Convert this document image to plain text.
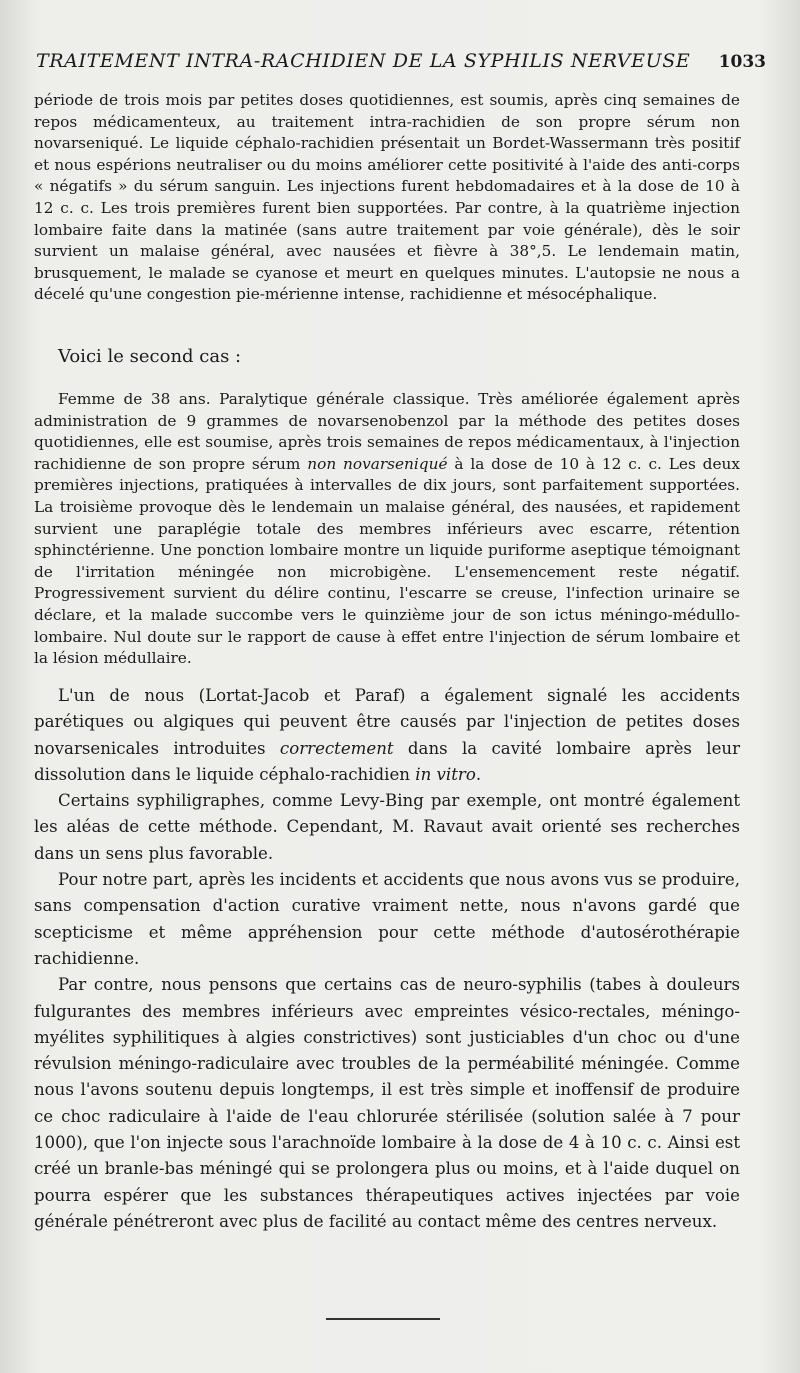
TRAITEMENT INTRA-RACHIDIEN DE LA SYPHILIS NERVEUSE 1033

période de trois mois par petites doses quotidiennes, est soumis, après cinq semaines de repos médicamenteux, au traitement intra-rachidien de son propre sérum non novarseniqué. Le liquide céphalo-rachidien présentait un Bordet-Wassermann très positif et nous espérions neutraliser ou du moins améliorer cette positivité à l'aide des anti-corps « négatifs » du sérum sanguin. Les injections furent hebdomadaires et à la dose de 10 à 12 c. c. Les trois premières furent bien supportées. Par contre, à la quatrième injection lombaire faite dans la matinée (sans autre traitement par voie générale), dès le soir survient un malaise général, avec nausées et fièvre à 38°,5. Le lendemain matin, brusquement, le malade se cyanose et meurt en quelques minutes. L'autopsie ne nous a décelé qu'une congestion pie-mérienne intense, rachidienne et mésocéphalique.

Voici le second cas :

Femme de 38 ans. Paralytique générale classique. Très améliorée également après administration de 9 grammes de novarsenobenzol par la méthode des petites doses quotidiennes, elle est soumise, après trois semaines de repos médicamentaux, à l'injection rachidienne de son propre sérum non novarseniqué à la dose de 10 à 12 c. c. Les deux premières injections, pratiquées à intervalles de dix jours, sont parfaitement supportées. La troisième provoque dès le lendemain un malaise général, des nausées, et rapidement survient une paraplégie totale des membres inférieurs avec escarre, rétention sphinctérienne. Une ponction lombaire montre un liquide puriforme aseptique témoignant de l'irritation méningée non microbigène. L'ensemencement reste négatif. Progressivement survient du délire continu, l'escarre se creuse, l'infection urinaire se déclare, et la malade succombe vers le quinzième jour de son ictus méningo-médullo-lombaire. Nul doute sur le rapport de cause à effet entre l'injection de sérum lombaire et la lésion médullaire.

L'un de nous (Lortat-Jacob et Paraf) a également signalé les accidents parétiques ou algiques qui peuvent être causés par l'injection de petites doses novarsenicales introduites correctement dans la cavité lombaire après leur dissolution dans le liquide céphalo-rachidien in vitro.

Certains syphiligraphes, comme Levy-Bing par exemple, ont montré également les aléas de cette méthode. Cependant, M. Ravaut avait orienté ses recherches dans un sens plus favorable.

Pour notre part, après les incidents et accidents que nous avons vus se produire, sans compensation d'action curative vraiment nette, nous n'avons gardé que scepticisme et même appréhension pour cette méthode d'autosérothérapie rachidienne.

Par contre, nous pensons que certains cas de neuro-syphilis (tabes à douleurs fulgurantes des membres inférieurs avec empreintes vésico-rectales, méningo-myélites syphilitiques à algies constrictives) sont justiciables d'un choc ou d'une révulsion méningo-radiculaire avec troubles de la perméabilité méningée. Comme nous l'avons soutenu depuis longtemps, il est très simple et inoffensif de produire ce choc radiculaire à l'aide de l'eau chlorurée stérilisée (solution salée à 7 pour 1000), que l'on injecte sous l'arachnoïde lombaire à la dose de 4 à 10 c. c. Ainsi est créé un branle-bas méningé qui se prolongera plus ou moins, et à l'aide duquel on pourra espérer que les substances thérapeutiques actives injectées par voie générale pénétreront avec plus de facilité au contact même des centres nerveux.
